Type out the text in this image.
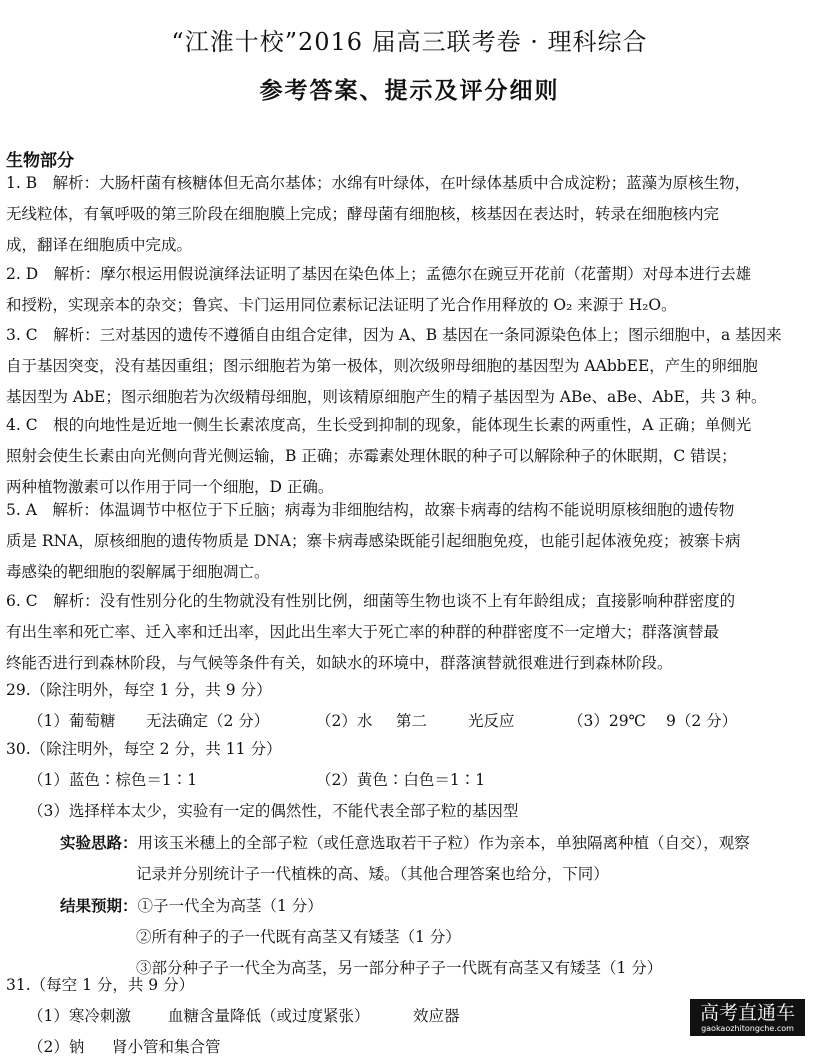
“江淮十校”2016 届高三联考卷 · 理科综合
参考答案、提示及评分细则
生物部分
1. B　解析：大肠杆菌有核糖体但无高尔基体；水绵有叶绿体，在叶绿体基质中合成淀粉；蓝藻为原核生物，
无线粒体，有氧呼吸的第三阶段在细胞膜上完成；酵母菌有细胞核，核基因在表达时，转录在细胞核内完
成，翻译在细胞质中完成。
2. D　解析：摩尔根运用假说演绎法证明了基因在染色体上；孟德尔在豌豆开花前（花蕾期）对母本进行去雄
和授粉，实现亲本的杂交；鲁宾、卡门运用同位素标记法证明了光合作用释放的 O₂ 来源于 H₂O。
3. C　解析：三对基因的遗传不遵循自由组合定律，因为 A、B 基因在一条同源染色体上；图示细胞中，a 基因来
自于基因突变，没有基因重组；图示细胞若为第一极体，则次级卵母细胞的基因型为 AAbbEE，产生的卵细胞
基因型为 AbE；图示细胞若为次级精母细胞，则该精原细胞产生的精子基因型为 ABe、aBe、AbE，共 3 种。
4. C　根的向地性是近地一侧生长素浓度高，生长受到抑制的现象，能体现生长素的两重性，A 正确；单侧光
照射会使生长素由向光侧向背光侧运输，B 正确；赤霉素处理休眠的种子可以解除种子的休眠期，C 错误；
两种植物激素可以作用于同一个细胞，D 正确。
5. A　解析：体温调节中枢位于下丘脑；病毒为非细胞结构，故寨卡病毒的结构不能说明原核细胞的遗传物
质是 RNA，原核细胞的遗传物质是 DNA；寨卡病毒感染既能引起细胞免疫，也能引起体液免疫；被寨卡病
毒感染的靶细胞的裂解属于细胞凋亡。
6. C　解析：没有性别分化的生物就没有性别比例，细菌等生物也谈不上有年龄组成；直接影响种群密度的
有出生率和死亡率、迁入率和迁出率，因此出生率大于死亡率的种群的种群密度不一定增大；群落演替最
终能否进行到森林阶段，与气候等条件有关，如缺水的环境中，群落演替就很难进行到森林阶段。
29.（除注明外，每空 1 分，共 9 分）
（1）葡萄糖 无法确定（2 分）	（2）水 第二	光反应	（3）29℃ 9（2 分）
30.（除注明外，每空 2 分，共 11 分）
（1）蓝色∶棕色＝1∶1	（2）黄色∶白色＝1∶1
（3）选择样本太少，实验有一定的偶然性，不能代表全部子粒的基因型
实验思路：用该玉米穗上的全部子粒（或任意选取若干子粒）作为亲本，单独隔离种植（自交），观察
记录并分别统计子一代植株的高、矮。（其他合理答案也给分，下同）
结果预期：①子一代全为高茎（1 分）
②所有种子的子一代既有高茎又有矮茎（1 分）
③部分种子子一代全为高茎，另一部分种子子一代既有高茎又有矮茎（1 分）
31.（每空 1 分，共 9 分）
（1）寒冷刺激 血糖含量降低（或过度紧张）	效应器
（2）钠 肾小管和集合管
高考直通车
gaokaozhitongche.com
